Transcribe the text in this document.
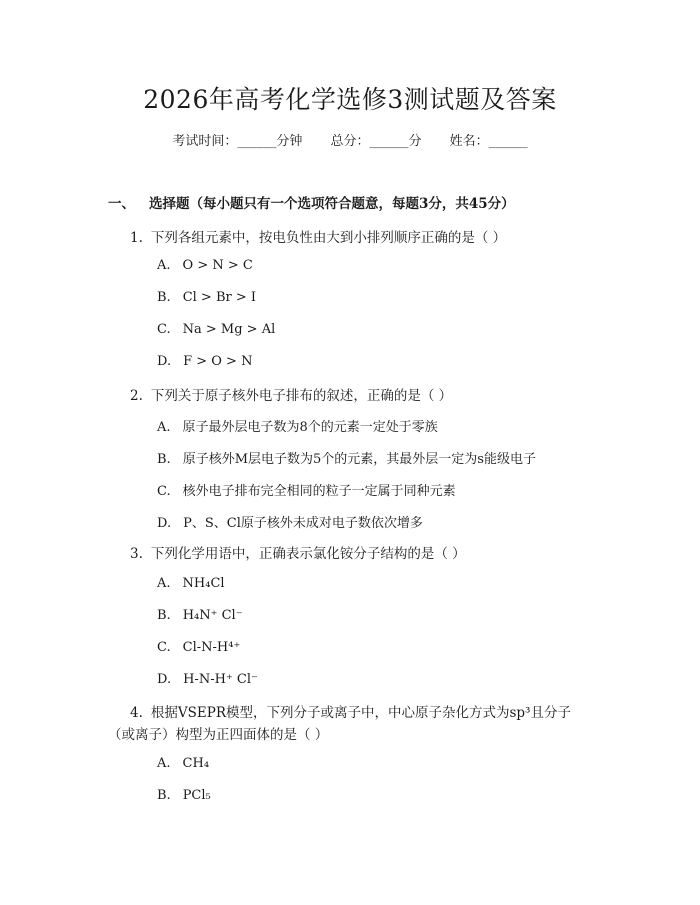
2026年高考化学选修3测试题及答案
考试时间：______分钟 总分：______分 姓名：______
一、 选择题（每小题只有一个选项符合题意，每题3分，共45分）
1. 下列各组元素中，按电负性由大到小排列顺序正确的是（ ）
A. O > N > C
B. Cl > Br > I
C. Na > Mg > Al
D. F > O > N
2. 下列关于原子核外电子排布的叙述，正确的是（ ）
A. 原子最外层电子数为8个的元素一定处于零族
B. 原子核外M层电子数为5个的元素，其最外层一定为s能级电子
C. 核外电子排布完全相同的粒子一定属于同种元素
D. P、S、Cl原子核外未成对电子数依次增多
3. 下列化学用语中，正确表示氯化铵分子结构的是（ ）
A. NH₄Cl
B. H₄N⁺ Cl⁻
C. Cl-N-H⁴⁺
D. H-N-H⁺ Cl⁻
4. 根据VSEPR模型，下列分子或离子中，中心原子杂化方式为sp³且分子（或离子）构型为正四面体的是（ ）
A. CH₄
B. PCl₅
